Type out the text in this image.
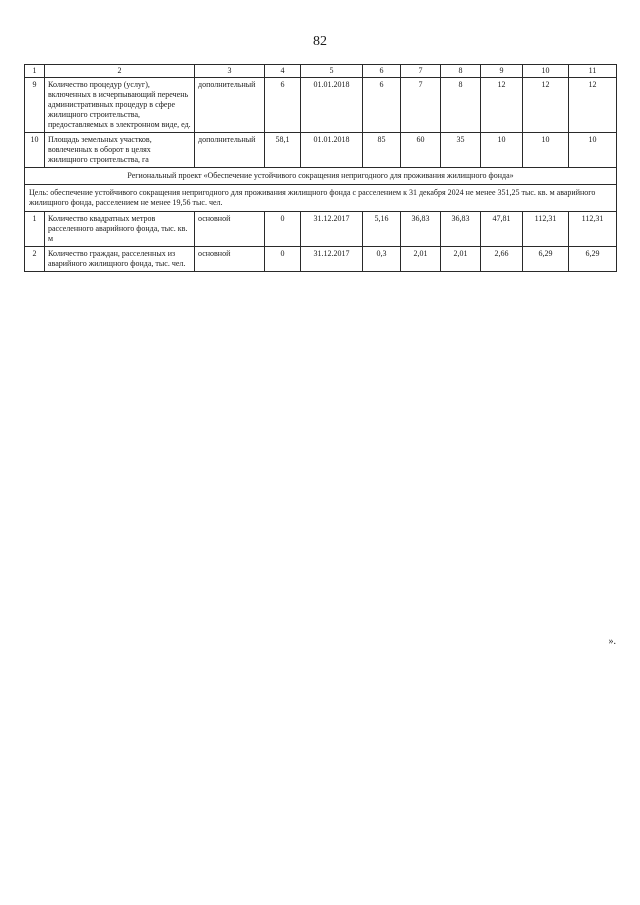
82
1	2	3	4	5	6	7	8	9	10	11
9	Количество процедур (услуг), включенных в исчерпывающий перечень административных процедур в сфере жилищного строительства, предоставляемых в электронном виде, ед.	дополнительный	6	01.01.2018	6	7	8	12	12	12
10	Площадь земельных участков, вовлеченных в оборот в целях жилищного строительства, га	дополнительный	58,1	01.01.2018	85	60	35	10	10	10
Региональный проект «Обеспечение устойчивого сокращения непригодного для проживания жилищного фонда»										
Цель: обеспечение устойчивого сокращения непригодного для проживания жилищного фонда с расселением к 31 декабря 2024 не менее 351,25 тыс. кв. м аварийного жилищного фонда, расселением не менее 19,56 тыс. чел.										
1	Количество квадратных метров расселенного аварийного фонда, тыс. кв. м	основной	0	31.12.2017	5,16	36,83	36,83	47,81	112,31	112,31
2	Количество граждан, расселенных из аварийного жилищного фонда, тыс. чел.	основной	0	31.12.2017	0,3	2,01	2,01	2,66	6,29	6,29
».
